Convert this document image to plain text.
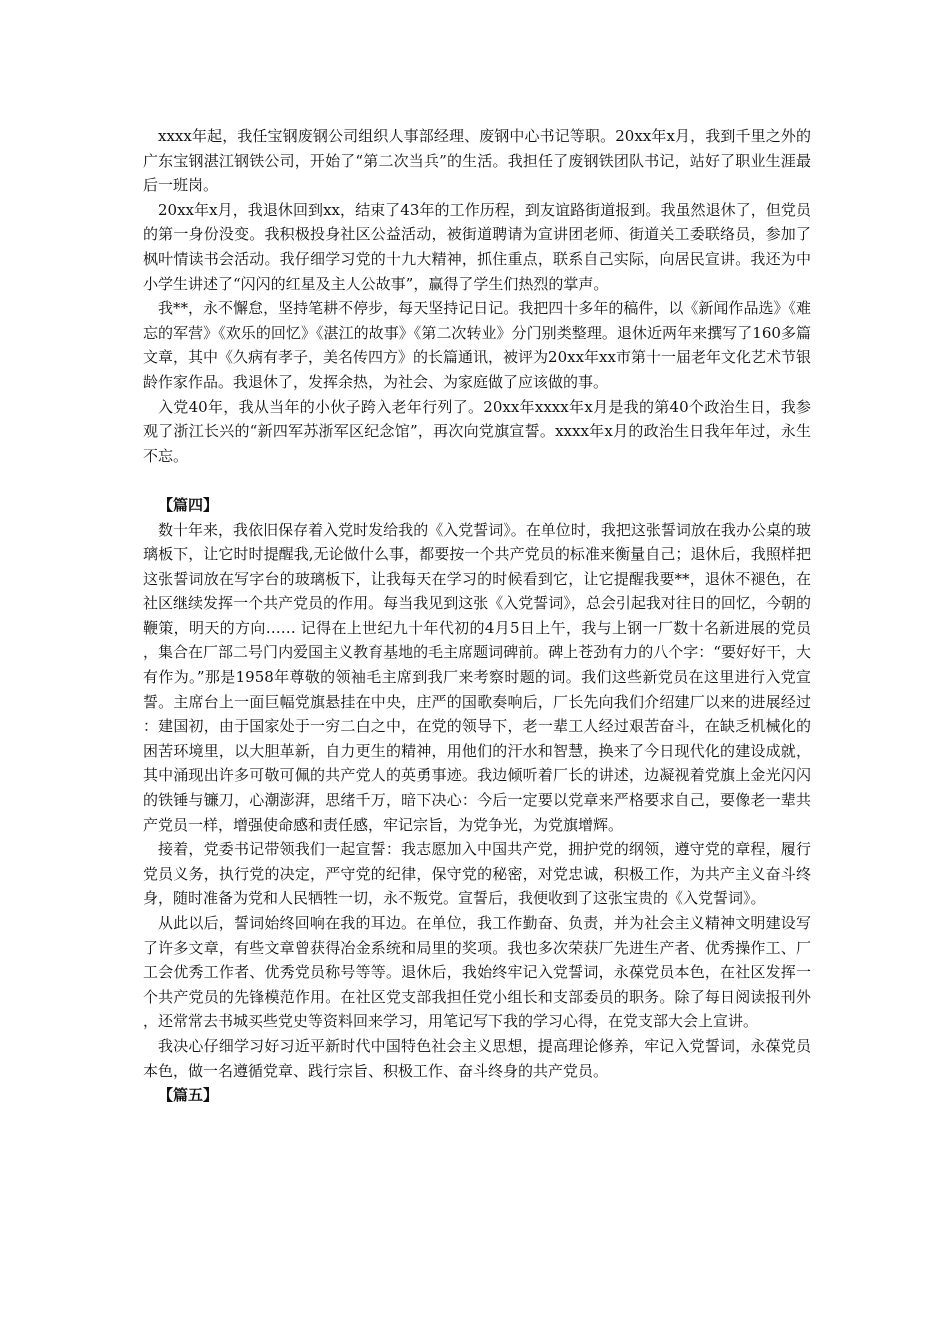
xxxx年起，我任宝钢废钢公司组织人事部经理、废钢中心书记等职。20xx年x月，我到千里之外的广东宝钢湛江钢铁公司，开始了“第二次当兵”的生活。我担任了废钢铁团队书记，站好了职业生涯最后一班岗。

20xx年x月，我退休回到xx，结束了43年的工作历程，到友谊路街道报到。我虽然退休了，但党员的第一身份没变。我积极投身社区公益活动，被街道聘请为宣讲团老师、街道关工委联络员，参加了枫叶情读书会活动。我仔细学习党的十九大精神，抓住重点，联系自己实际，向居民宣讲。我还为中小学生讲述了“闪闪的红星及主人公故事”，赢得了学生们热烈的掌声。

我**，永不懈怠，坚持笔耕不停步，每天坚持记日记。我把四十多年的稿件，以《新闻作品选》《难忘的军营》《欢乐的回忆》《湛江的故事》《第二次转业》分门别类整理。退休近两年来撰写了160多篇文章，其中《久病有孝子，美名传四方》的长篇通讯，被评为20xx年xx市第十一届老年文化艺术节银龄作家作品。我退休了，发挥余热，为社会、为家庭做了应该做的事。

入党40年，我从当年的小伙子跨入老年行列了。20xx年xxxx年x月是我的第40个政治生日，我参观了浙江长兴的“新四军苏浙军区纪念馆”，再次向党旗宣誓。xxxx年x月的政治生日我年年过，永生不忘。

【篇四】

数十年来，我依旧保存着入党时发给我的《入党誓词》。在单位时，我把这张誓词放在我办公桌的玻璃板下，让它时时提醒我,无论做什么事，都要按一个共产党员的标准来衡量自己；退休后，我照样把这张誓词放在写字台的玻璃板下，让我每天在学习的时候看到它，让它提醒我要**，退休不褪色，在社区继续发挥一个共产党员的作用。每当我见到这张《入党誓词》，总会引起我对往日的回忆，今朝的鞭策，明天的方向…… 记得在上世纪九十年代初的4月5日上午，我与上钢一厂数十名新进展的党员，集合在厂部二号门内爱国主义教育基地的毛主席题词碑前。碑上苍劲有力的八个字：“要好好干，大有作为。”那是1958年尊敬的领袖毛主席到我厂来考察时题的词。我们这些新党员在这里进行入党宣誓。主席台上一面巨幅党旗悬挂在中央，庄严的国歌奏响后，厂长先向我们介绍建厂以来的进展经过：建国初，由于国家处于一穷二白之中，在党的领导下，老一辈工人经过艰苦奋斗，在缺乏机械化的困苦环境里，以大胆革新，自力更生的精神，用他们的汗水和智慧，换来了今日现代化的建设成就，其中涌现出许多可敬可佩的共产党人的英勇事迹。我边倾听着厂长的讲述，边凝视着党旗上金光闪闪的铁锤与镰刀，心潮澎湃，思绪千万，暗下决心：今后一定要以党章来严格要求自己，要像老一辈共产党员一样，增强使命感和责任感，牢记宗旨，为党争光，为党旗增辉。

接着，党委书记带领我们一起宣誓：我志愿加入中国共产党，拥护党的纲领，遵守党的章程，履行党员义务，执行党的决定，严守党的纪律，保守党的秘密，对党忠诚，积极工作，为共产主义奋斗终身，随时准备为党和人民牺牲一切，永不叛党。宣誓后，我便收到了这张宝贵的《入党誓词》。

从此以后，誓词始终回响在我的耳边。在单位，我工作勤奋、负责，并为社会主义精神文明建设写了许多文章，有些文章曾获得冶金系统和局里的奖项。我也多次荣获厂先进生产者、优秀操作工、厂工会优秀工作者、优秀党员称号等等。退休后，我始终牢记入党誓词，永葆党员本色，在社区发挥一个共产党员的先锋模范作用。在社区党支部我担任党小组长和支部委员的职务。除了每日阅读报刊外，还常常去书城买些党史等资料回来学习，用笔记写下我的学习心得，在党支部大会上宣讲。

我决心仔细学习好习近平新时代中国特色社会主义思想，提高理论修养，牢记入党誓词，永葆党员本色，做一名遵循党章、践行宗旨、积极工作、奋斗终身的共产党员。

【篇五】
